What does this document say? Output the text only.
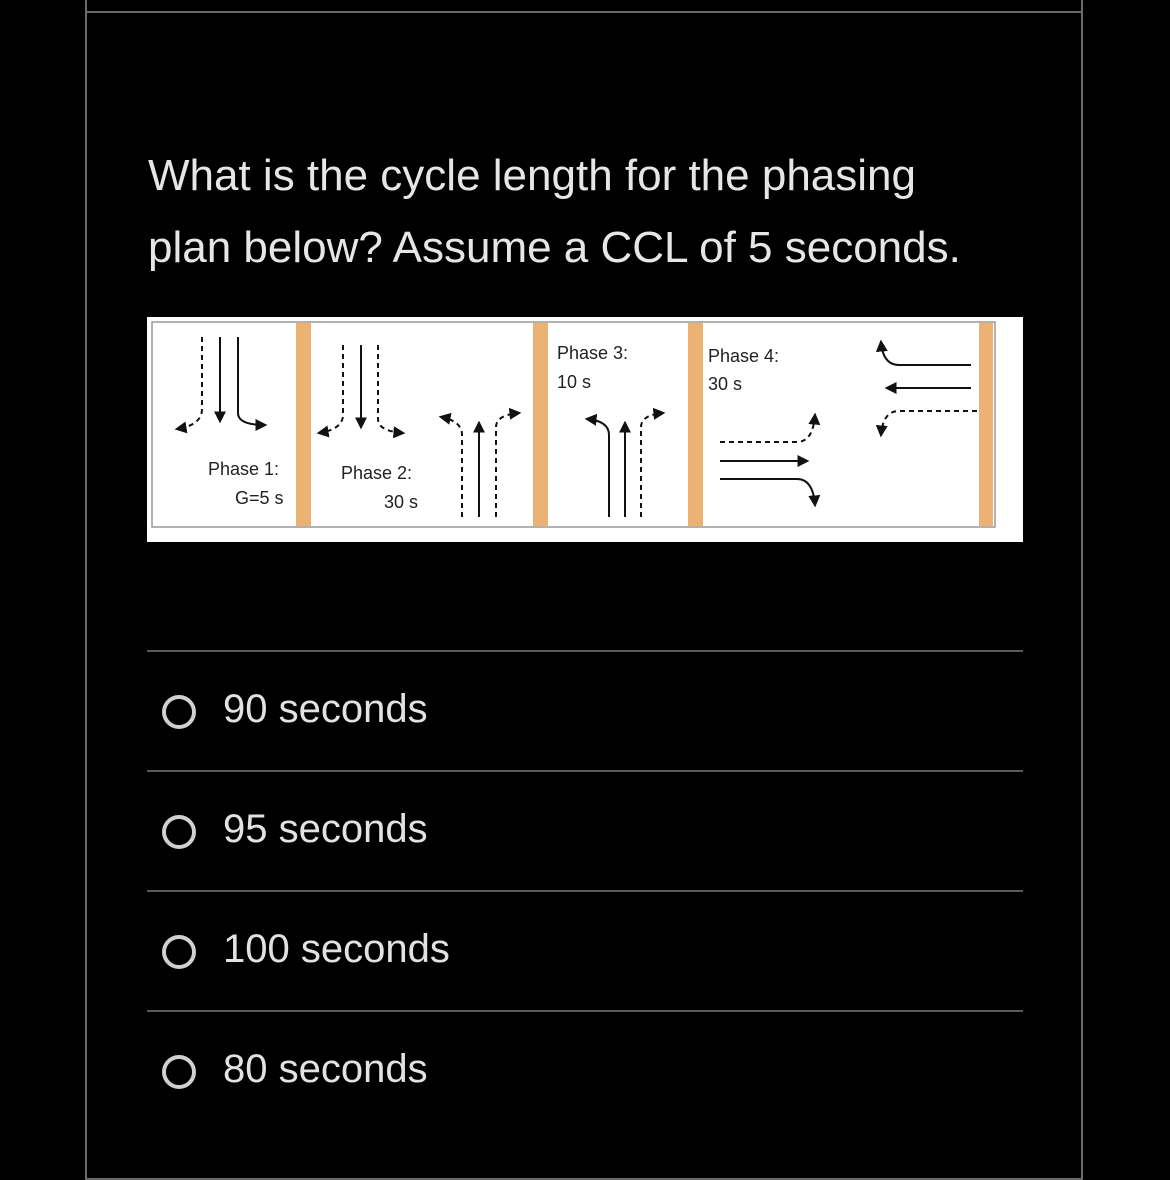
What is the cycle length for the phasing
plan below? Assume a CCL of 5 seconds.
Phase 1:
G=5 s
Phase 2:
30 s
Phase 3:
10 s
Phase 4:
30 s
90 seconds
95 seconds
100 seconds
80 seconds
